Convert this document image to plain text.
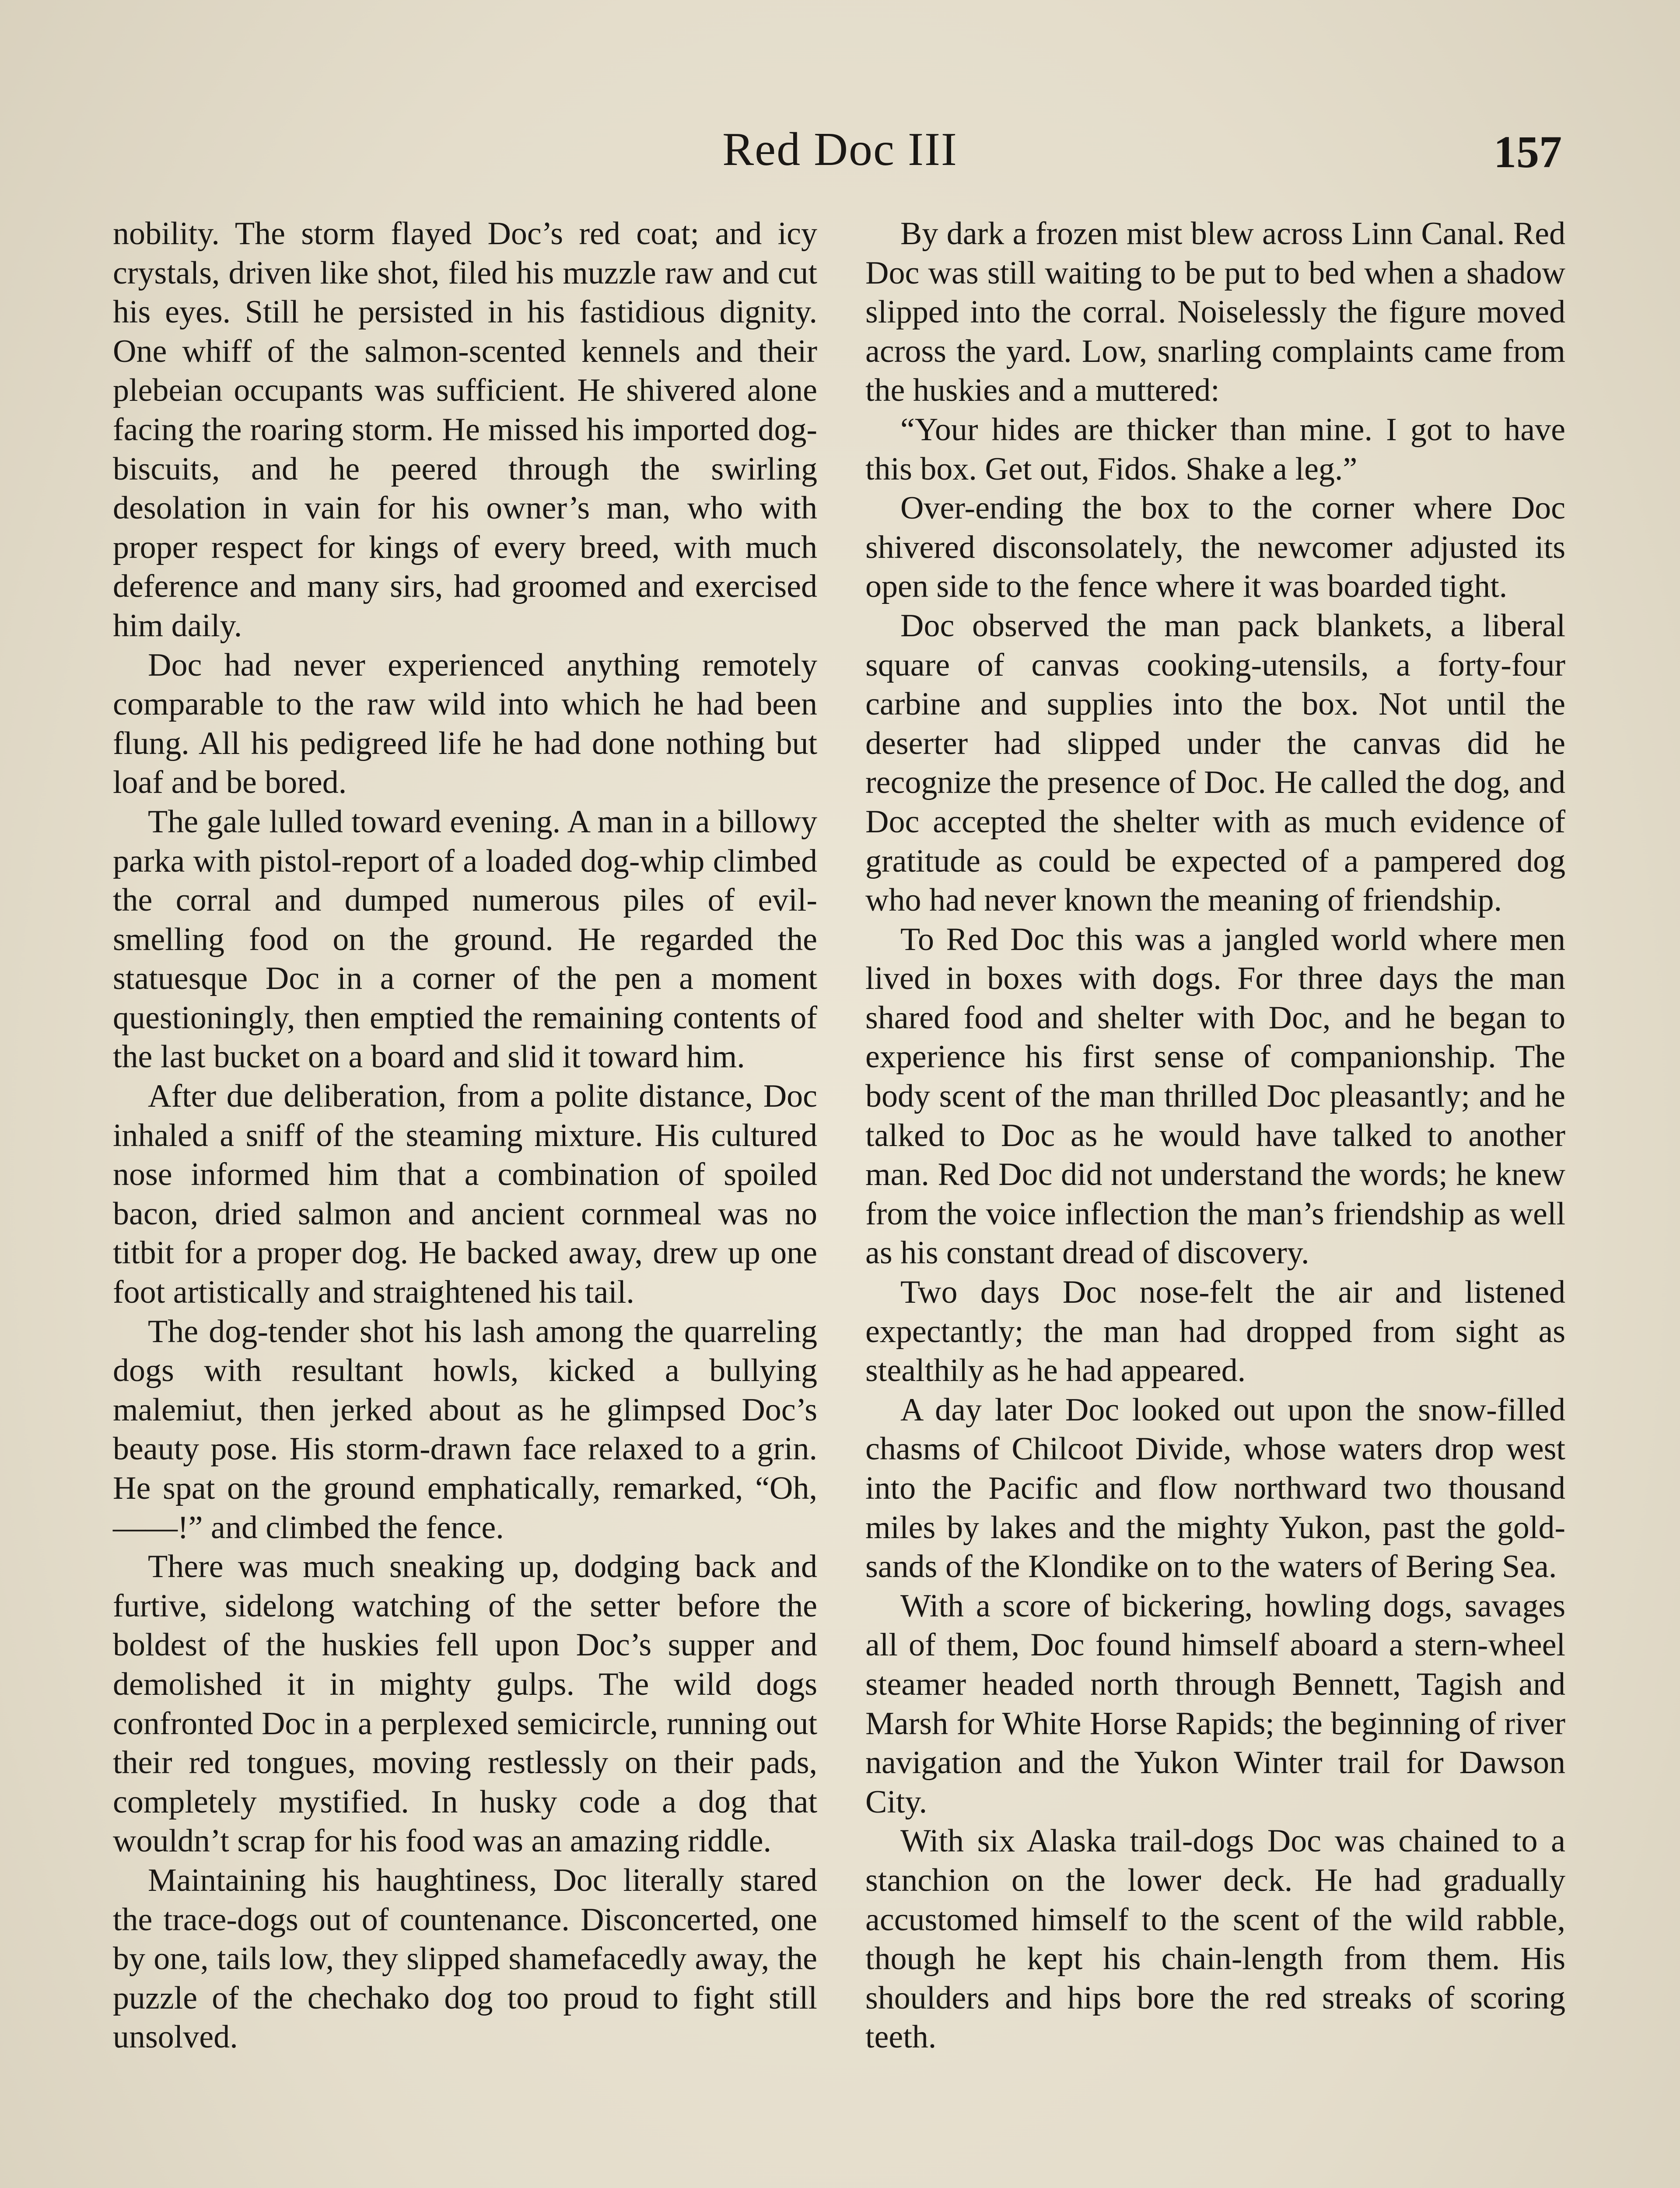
Red Doc III	157

nobility. The storm flayed Doc’s red coat; and icy crystals, driven like shot, filed his muzzle raw and cut his eyes. Still he persisted in his fastidious dignity. One whiff of the salmon-scented kennels and their plebeian occupants was sufficient. He shivered alone facing the roaring storm. He missed his imported dog-biscuits, and he peered through the swirling desolation in vain for his owner’s man, who with proper respect for kings of every breed, with much deference and many sirs, had groomed and exercised him daily.

Doc had never experienced anything remotely comparable to the raw wild into which he had been flung. All his pedigreed life he had done nothing but loaf and be bored.

The gale lulled toward evening. A man in a billowy parka with pistol-report of a loaded dog-whip climbed the corral and dumped numerous piles of evil-smelling food on the ground. He regarded the statuesque Doc in a corner of the pen a moment questioningly, then emptied the remaining contents of the last bucket on a board and slid it toward him.

After due deliberation, from a polite distance, Doc inhaled a sniff of the steaming mixture. His cultured nose informed him that a combination of spoiled bacon, dried salmon and ancient cornmeal was no titbit for a proper dog. He backed away, drew up one foot artistically and straightened his tail.

The dog-tender shot his lash among the quarreling dogs with resultant howls, kicked a bullying malemiut, then jerked about as he glimpsed Doc’s beauty pose. His storm-drawn face relaxed to a grin. He spat on the ground emphatically, remarked, “Oh, ——!” and climbed the fence.

There was much sneaking up, dodging back and furtive, sidelong watching of the setter before the boldest of the huskies fell upon Doc’s supper and demolished it in mighty gulps. The wild dogs confronted Doc in a perplexed semicircle, running out their red tongues, moving restlessly on their pads, completely mystified. In husky code a dog that wouldn’t scrap for his food was an amazing riddle.

Maintaining his haughtiness, Doc literally stared the trace-dogs out of countenance. Disconcerted, one by one, tails low, they slipped shamefacedly away, the puzzle of the chechako dog too proud to fight still unsolved.

By dark a frozen mist blew across Linn Canal. Red Doc was still waiting to be put to bed when a shadow slipped into the corral. Noiselessly the figure moved across the yard. Low, snarling complaints came from the huskies and a muttered:

“Your hides are thicker than mine. I got to have this box. Get out, Fidos. Shake a leg.”

Over-ending the box to the corner where Doc shivered disconsolately, the newcomer adjusted its open side to the fence where it was boarded tight.

Doc observed the man pack blankets, a liberal square of canvas cooking-utensils, a forty-four carbine and supplies into the box. Not until the deserter had slipped under the canvas did he recognize the presence of Doc. He called the dog, and Doc accepted the shelter with as much evidence of gratitude as could be expected of a pampered dog who had never known the meaning of friendship.

To Red Doc this was a jangled world where men lived in boxes with dogs. For three days the man shared food and shelter with Doc, and he began to experience his first sense of companionship. The body scent of the man thrilled Doc pleasantly; and he talked to Doc as he would have talked to another man. Red Doc did not understand the words; he knew from the voice inflection the man’s friendship as well as his constant dread of discovery.

Two days Doc nose-felt the air and listened expectantly; the man had dropped from sight as stealthily as he had appeared.

A day later Doc looked out upon the snow-filled chasms of Chilcoot Divide, whose waters drop west into the Pacific and flow northward two thousand miles by lakes and the mighty Yukon, past the gold-sands of the Klondike on to the waters of Bering Sea.

With a score of bickering, howling dogs, savages all of them, Doc found himself aboard a stern-wheel steamer headed north through Bennett, Tagish and Marsh for White Horse Rapids; the beginning of river navigation and the Yukon Winter trail for Dawson City.

With six Alaska trail-dogs Doc was chained to a stanchion on the lower deck. He had gradually accustomed himself to the scent of the wild rabble, though he kept his chain-length from them. His shoulders and hips bore the red streaks of scoring teeth.
